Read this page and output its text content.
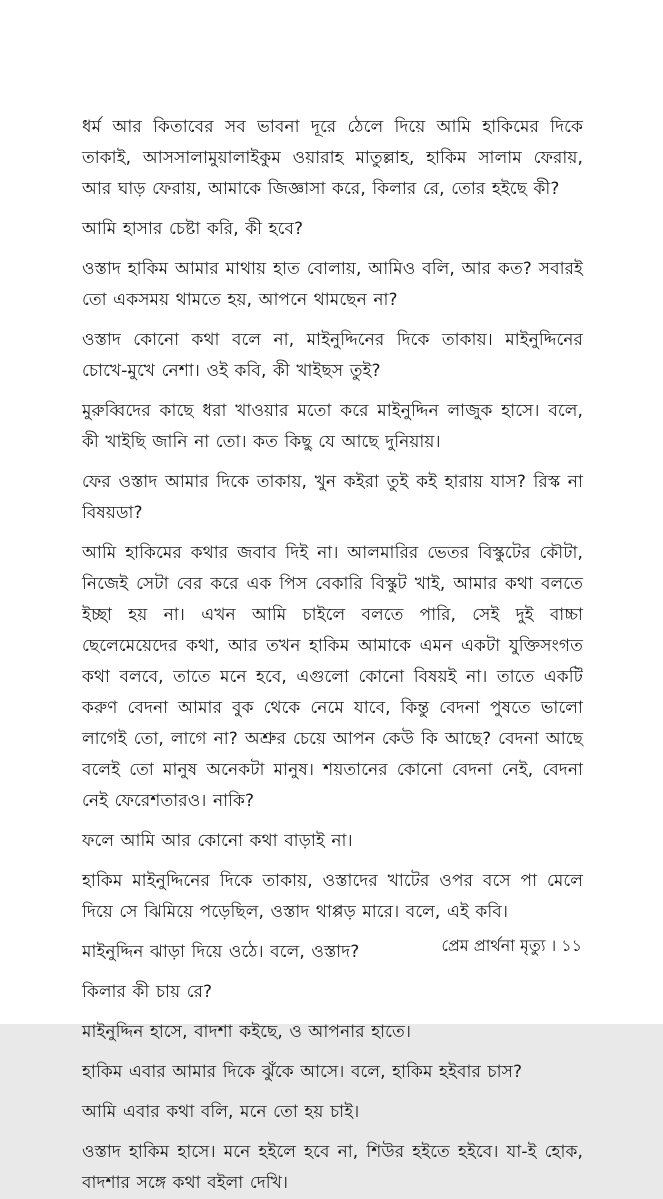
ধর্ম আর কিতাবের সব ভাবনা দূরে ঠেলে দিয়ে আমি হাকিমের দিকে তাকাই, আসসালামুয়ালাইকুম ওয়ারাহ মাতুল্লাহ, হাকিম সালাম ফেরায়, আর ঘাড় ফেরায়, আমাকে জিজ্ঞাসা করে, কিলার রে, তোর হইছে কী?

আমি হাসার চেষ্টা করি, কী হবে?

ওস্তাদ হাকিম আমার মাথায় হাত বোলায়, আমিও বলি, আর কত? সবারই তো একসময় থামতে হয়, আপনে থামছেন না?

ওস্তাদ কোনো কথা বলে না, মাইনুদ্দিনের দিকে তাকায়। মাইনুদ্দিনের চোখে-মুখে নেশা। ওই কবি, কী খাইছস তুই?

মুরুব্বিদের কাছে ধরা খাওয়ার মতো করে মাইনুদ্দিন লাজুক হাসে। বলে, কী খাইছি জানি না তো। কত কিছু যে আছে দুনিয়ায়।

ফের ওস্তাদ আমার দিকে তাকায়, খুন কইরা তুই কই হারায় যাস? রিস্ক না বিষয়ডা?

আমি হাকিমের কথার জবাব দিই না। আলমারির ভেতর বিস্কুটের কৌটা, নিজেই সেটা বের করে এক পিস বেকারি বিস্কুট খাই, আমার কথা বলতে ইচ্ছা হয় না। এখন আমি চাইলে বলতে পারি, সেই দুই বাচ্চা ছেলেমেয়েদের কথা, আর তখন হাকিম আমাকে এমন একটা যুক্তিসংগত কথা বলবে, তাতে মনে হবে, এগুলো কোনো বিষয়ই না। তাতে একটি করুণ বেদনা আমার বুক থেকে নেমে যাবে, কিন্তু বেদনা পুষতে ভালো লাগেই তো, লাগে না? অশ্রুর চেয়ে আপন কেউ কি আছে? বেদনা আছে বলেই তো মানুষ অনেকটা মানুষ। শয়তানের কোনো বেদনা নেই, বেদনা নেই ফেরেশতারও। নাকি?

ফলে আমি আর কোনো কথা বাড়াই না।

হাকিম মাইনুদ্দিনের দিকে তাকায়, ওস্তাদের খাটের ওপর বসে পা মেলে দিয়ে সে ঝিমিয়ে পড়েছিল, ওস্তাদ থাপ্পড় মারে। বলে, এই কবি।

মাইনুদ্দিন ঝাড়া দিয়ে ওঠে। বলে, ওস্তাদ?

কিলার কী চায় রে?

মাইনুদ্দিন হাসে, বাদশা কইছে, ও আপনার হাতে।

হাকিম এবার আমার দিকে ঝুঁকে আসে। বলে, হাকিম হইবার চাস?

আমি এবার কথা বলি, মনে তো হয় চাই।

ওস্তাদ হাকিম হাসে। মনে হইলে হবে না, শিউর হইতে হইবে। যা-ই হোক, বাদশার সঙ্গে কথা বইলা দেখি।

প্রেম প্রার্থনা মৃত্যু । ১১
